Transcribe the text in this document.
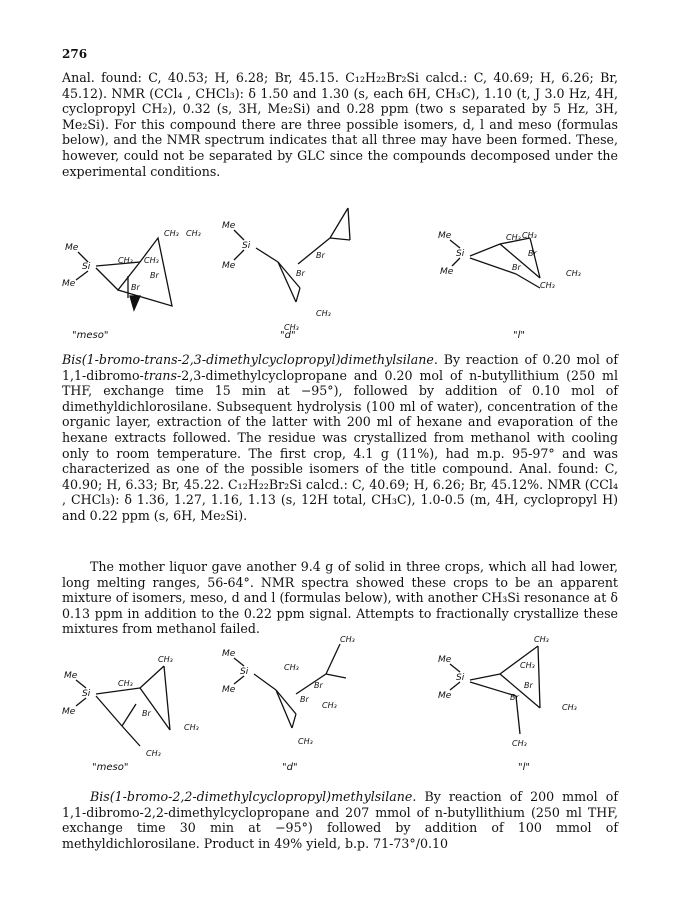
276

Anal. found: C, 40.53; H, 6.28; Br, 45.15. C₁₂H₂₂Br₂Si calcd.: C, 40.69; H, 6.26; Br, 45.12). NMR (CCl₄ , CHCl₃): δ 1.50 and 1.30 (s, each 6H, CH₃C), 1.10 (t, J 3.0 Hz, 4H, cyclopropyl CH₂), 0.32 (s, 3H, Me₂Si) and 0.28 ppm (two s separated by 5 Hz, 3H, Me₂Si). For this compound there are three possible isomers, d, l and meso (formulas below), and the NMR spectrum indicates that all three may have been formed. These, however, could not be separated by GLC since the compounds decomposed under the experimental conditions.

Me
Si
Me
CH₃ CH₃
Br
Br
CH₃ CH₃
Me
Si
Me
Br
Br
CH₃
CH₃
Me
Si
Me
CH₃ CH₃
Br
Br
CH₃
CH₃
"meso"	"d"	"l"

Bis(1-bromo-trans-2,3-dimethylcyclopropyl)dimethylsilane. By reaction of 0.20 mol of 1,1-dibromo-trans-2,3-dimethylcyclopropane and 0.20 mol of n-butyllithium (250 ml THF, exchange time 15 min at −95°), followed by addition of 0.10 mol of dimethyldichlorosilane. Subsequent hydrolysis (100 ml of water), concentration of the organic layer, extraction of the latter with 200 ml of hexane and evaporation of the hexane extracts followed. The residue was crystallized from methanol with cooling only to room temperature. The first crop, 4.1 g (11%), had m.p. 95-97° and was characterized as one of the possible isomers of the title compound. Anal. found: C, 40.90; H, 6.33; Br, 45.22. C₁₂H₂₂Br₂Si calcd.: C, 40.69; H, 6.26; Br, 45.12%. NMR (CCl₄ , CHCl₃): δ 1.36, 1.27, 1.16, 1.13 (s, 12H total, CH₃C), 1.0-0.5 (m, 4H, cyclopropyl H) and 0.22 ppm (s, 6H, Me₂Si).

The mother liquor gave another 9.4 g of solid in three crops, which all had lower, long melting ranges, 56-64°. NMR spectra showed these crops to be an apparent mixture of isomers, meso, d and l (formulas below), with another CH₃Si resonance at δ 0.13 ppm in addition to the 0.22 ppm signal. Attempts to fractionally crystallize these mixtures from methanol failed.

Me
Si
Me
CH₃
CH₃
Br
CH₃
CH₃
Me
Si
Me
CH₃
CH₃
Br
Br
CH₃
CH₃
Me
Si
Me
CH₃
CH₃
Br
Br
CH₃
CH₃
"meso"	"d"	"l"

Bis(1-bromo-2,2-dimethylcyclopropyl)methylsilane. By reaction of 200 mmol of 1,1-dibromo-2,2-dimethylcyclopropane and 207 mmol of n-butyllithium (250 ml THF, exchange time 30 min at −95°) followed by addition of 100 mmol of methyldichlorosilane. Product in 49% yield, b.p. 71-73°/0.10
